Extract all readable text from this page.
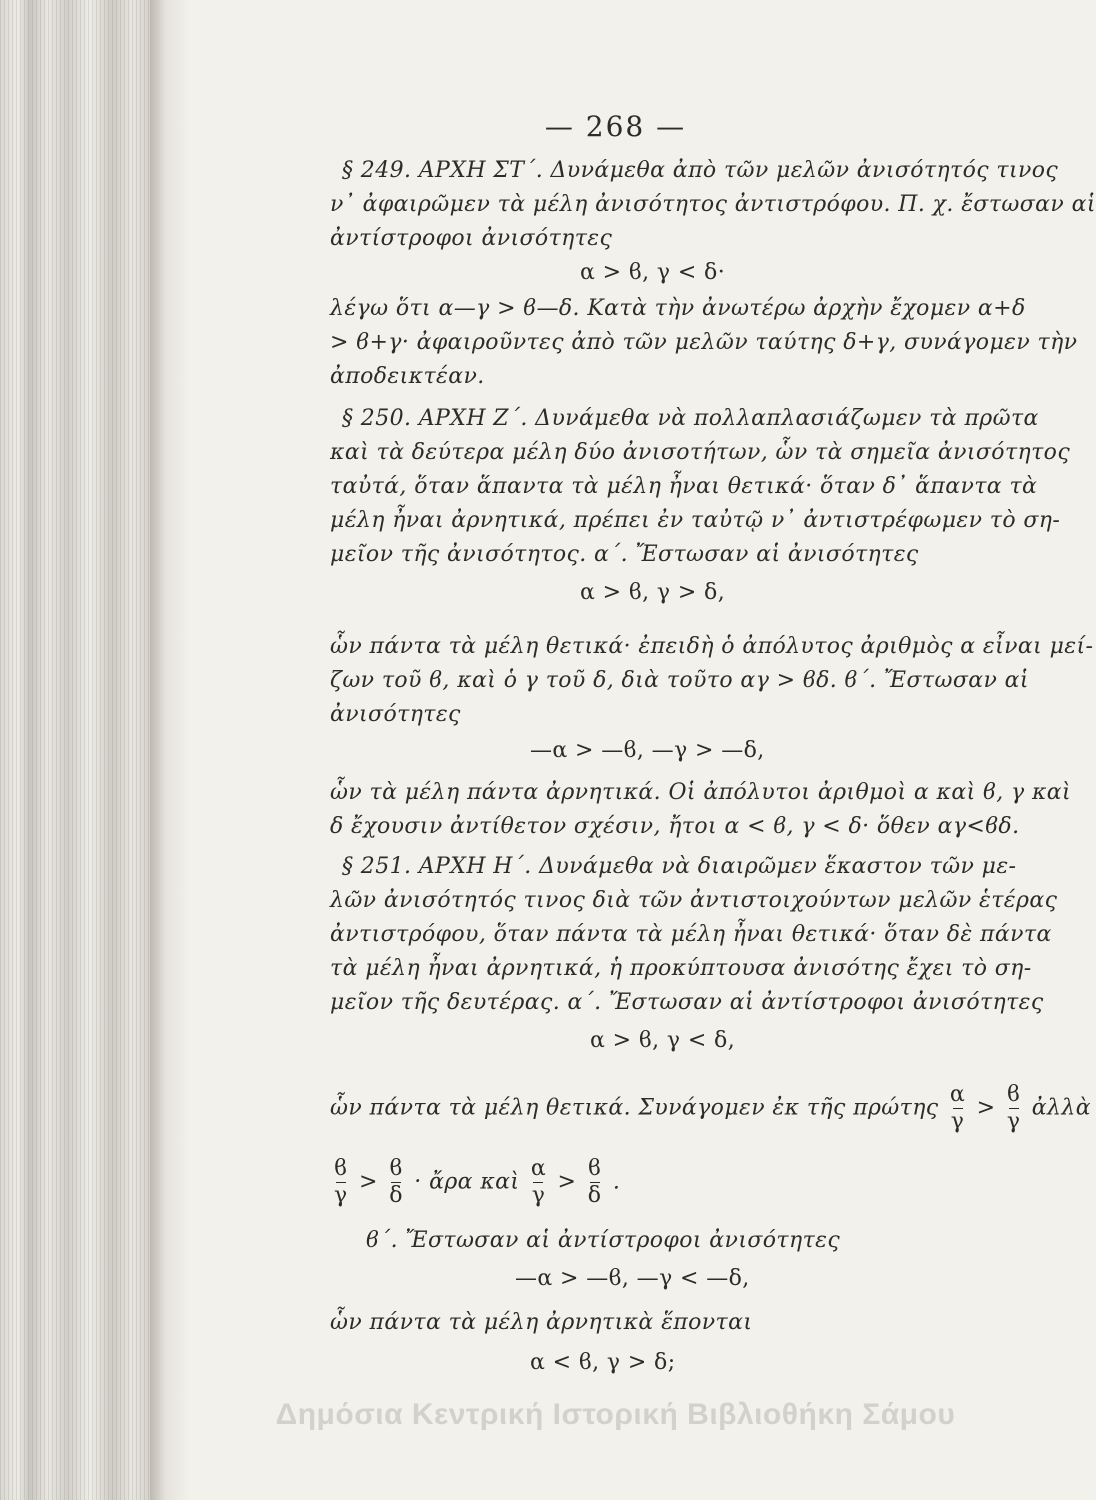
— 268 —
§ 249. ΑΡΧΗ ΣΤ΄. Δυνάμεθα ἀπὸ τῶν μελῶν ἀνισότητός τινος
ν᾽ ἀφαιρῶμεν τὰ μέλη ἀνισότητος ἀντιστρόφου. Π. χ. ἔστωσαν αἱ
ἀντίστροφοι ἀνισότητες
α > ϐ, γ < δ·
λέγω ὅτι α—γ > ϐ—δ. Κατὰ τὴν ἀνωτέρω ἀρχὴν ἔχομεν α+δ
> ϐ+γ· ἀφαιροῦντες ἀπὸ τῶν μελῶν ταύτης δ+γ, συνάγομεν τὴν
ἀποδεικτέαν.
§ 250. ΑΡΧΗ Ζ΄. Δυνάμεθα νὰ πολλαπλασιάζωμεν τὰ πρῶτα
καὶ τὰ δεύτερα μέλη δύο ἀνισοτήτων, ὧν τὰ σημεῖα ἀνισότητος
ταὐτά, ὅταν ἅπαντα τὰ μέλη ἦναι θετικά· ὅταν δ᾽ ἅπαντα τὰ
μέλη ἦναι ἀρνητικά, πρέπει ἐν ταὐτῷ ν᾽ ἀντιστρέφωμεν τὸ ση-
μεῖον τῆς ἀνισότητος. α΄. Ἔστωσαν αἱ ἀνισότητες
α > ϐ, γ > δ,
ὧν πάντα τὰ μέλη θετικά· ἐπειδὴ ὁ ἀπόλυτος ἀριθμὸς α εἶναι μεί-
ζων τοῦ ϐ, καὶ ὁ γ τοῦ δ, διὰ τοῦτο αγ > ϐδ. ϐ΄. Ἔστωσαν αἱ
ἀνισότητες
—α > —ϐ, —γ > —δ,
ὧν τὰ μέλη πάντα ἀρνητικά. Οἱ ἀπόλυτοι ἀριθμοὶ α καὶ ϐ, γ καὶ
δ ἔχουσιν ἀντίθετον σχέσιν, ἤτοι α < ϐ, γ < δ· ὅθεν αγ<ϐδ.
§ 251. ΑΡΧΗ Η΄. Δυνάμεθα νὰ διαιρῶμεν ἕκαστον τῶν με-
λῶν ἀνισότητός τινος διὰ τῶν ἀντιστοιχούντων μελῶν ἑτέρας
ἀντιστρόφου, ὅταν πάντα τὰ μέλη ἦναι θετικά· ὅταν δὲ πάντα
τὰ μέλη ἦναι ἀρνητικά, ἡ προκύπτουσα ἀνισότης ἔχει τὸ ση-
μεῖον τῆς δευτέρας. α΄. Ἔστωσαν αἱ ἀντίστροφοι ἀνισότητες
α > ϐ, γ < δ,
ὧν πάντα τὰ μέλη θετικά. Συνάγομεν ἐκ τῆς πρώτης $\frac{\alpha}{\gamma} > \frac{ϐ}{\gamma}$ ἀλλὰ
$\frac{ϐ}{\gamma} > \frac{ϐ}{\delta}$ · ἄρα καὶ $\frac{\alpha}{\gamma} > \frac{ϐ}{\delta}$ .
ϐ΄. Ἔστωσαν αἱ ἀντίστροφοι ἀνισότητες
—α > —ϐ, —γ < —δ,
ὧν πάντα τὰ μέλη ἀρνητικὰ ἕπονται
α < ϐ, γ > δ;
Δημόσια Κεντρική Ιστορική Βιβλιοθήκη Σάμου
